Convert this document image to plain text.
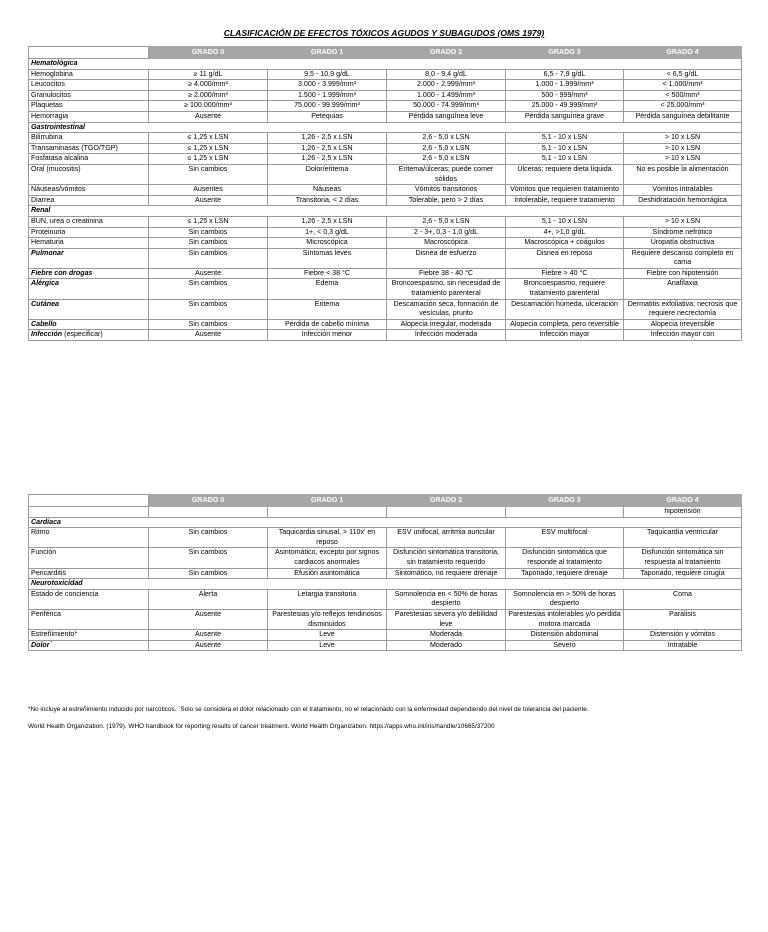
CLASIFICACIÓN DE EFECTOS TÓXICOS AGUDOS Y SUBAGUDOS (OMS 1979)
	GRADO 0	GRADO 1	GRADO 2	GRADO 3	GRADO 4
Hematológica					
Hemoglobina	≥ 11 g/dL	9,5 - 10,9 g/dL	8,0 - 9,4 g/dL	6,5 - 7,9 g/dL	< 6,5 g/dL
Leucocitos	≥ 4.000/mm³	3.000 - 3.999/mm³	2.000 - 2.999/mm³	1.000 - 1.999/mm³	< 1.000/mm³
Granulocitos	≥ 2.000/mm³	1.500 - 1.999/mm³	1.000 - 1.499/mm³	500 - 999/mm³	< 500/mm³
Plaquetas	≥ 100.000/mm³	75.000 - 99.999/mm³	50.000 - 74.999/mm³	25.000 - 49.999/mm³	< 25.000/mm³
Hemorragia	Ausente	Petequias	Pérdida sanguínea leve	Pérdida sanguínea grave	Pérdida sanguínea debilitante
Gastrointestinal					
Bilirrubina	≤ 1,25 x LSN	1,26 - 2,5 x LSN	2,6 - 5,0 x LSN	5,1 - 10 x LSN	> 10 x LSN
Transaminasas (TGO/TGP)	≤ 1,25 x LSN	1,26 - 2,5 x LSN	2,6 - 5,0 x LSN	5,1 - 10 x LSN	> 10 x LSN
Fosfatasa alcalina	≤ 1,25 x LSN	1,26 - 2,5 x LSN	2,6 - 5,0 x LSN	5,1 - 10 x LSN	> 10 x LSN
Oral (mucositis)	Sin cambios	Dolor/eritema	Eritema/úlceras; puede comer sólidos	Úlceras; requiere dieta líquida	No es posible la alimentación
Náuseas/vómitos	Ausentes	Náuseas	Vómitos transitorios	Vómitos que requieren tratamiento	Vómitos intratables
Diarrea	Ausente	Transitoria, < 2 días	Tolerable, pero > 2 días	Intolerable, requiere tratamiento	Deshidratación hemorrágica
Renal					
BUN, urea o creatinina	≤ 1,25 x LSN	1,26 - 2,5 x LSN	2,6 - 5,0 x LSN	5,1 - 10 x LSN	> 10 x LSN
Proteinuria	Sin cambios	1+, < 0,3 g/dL	2 - 3+, 0,3 - 1,0 g/dL	4+, >1,0 g/dL	Síndrome nefrótico
Hematuria	Sin cambios	Microscópica	Macroscópica	Macroscópica + coágulos	Uropatía obstructiva
Pulmonar	Sin cambios	Síntomas leves	Disnea de esfuerzo	Disnea en reposo	Requiere descanso completo en cama
Fiebre con drogas	Ausente	Fiebre < 38 °C	Fiebre 38 - 40 °C	Fiebre > 40 °C	Fiebre con hipotensión
Alérgica	Sin cambios	Edema	Broncoespasmo, sin necesidad de tratamiento parenteral	Broncoespasmo, requiere tratamiento parenteral	Anafilaxia
Cutánea	Sin cambios	Eritema	Descamación seca, formación de vesículas, prurito	Descamación húmeda, ulceración	Dermatitis exfoliativa; necrosis que requiere necrectomía
Cabello	Sin cambios	Pérdida de cabello mínima	Alopecia irregular, moderada	Alopecia completa, pero reversible	Alopecia irreversible
Infección (especificar)	Ausente	Infección menor	Infección moderada	Infección mayor	Infección mayor con
	GRADO 0	GRADO 1	GRADO 2	GRADO 3	GRADO 4
					hipotensión
Cardiaca					
Ritmo	Sin cambios	Taquicardia sinusal, > 110x' en reposo	ESV unifocal, arritmia auricular	ESV multifocal	Taquicardia ventricular
Función	Sin cambios	Asintomático, excepto por signos cardiacos anormales	Disfunción sintomática transitoria, sin tratamiento requerido	Disfunción sintomática que responde al tratamiento	Disfunción sintomática sin respuesta al tratamiento
Pericarditis	Sin cambios	Efusión asintomática	Sintomático, no requiere drenaje	Taponado, requiere drenaje	Taponado, requiere cirugía
Neurotoxicidad					
Estado de conciencia	Alerta	Letargia transitoria	Somnolencia en < 50% de horas despierto	Somnolencia en > 50% de horas despierto	Coma
Periférica	Ausente	Parestesias y/o reflejos tendinosos disminuidos	Parestesias severa y/o debilidad leve	Parestesias intolerables y/o pérdida motora marcada	Parálisis
Estreñimiento*	Ausente	Leve	Moderada	Distensión abdominal	Distensión y vómitos
Dolor`	Ausente	Leve	Moderado	Severo	Intratable
*No incluye al estreñimiento inducido por narcóticos. `Solo se considera el dolor relacionado con el tratamiento, no el relacionado con la enfermedad dependiendo del nivel de tolerancia del paciente.
World Health Organization. (1979). WHO handbook for reporting results of cancer treatment. World Health Organization. https://apps.who.int/iris/handle/10665/37200
